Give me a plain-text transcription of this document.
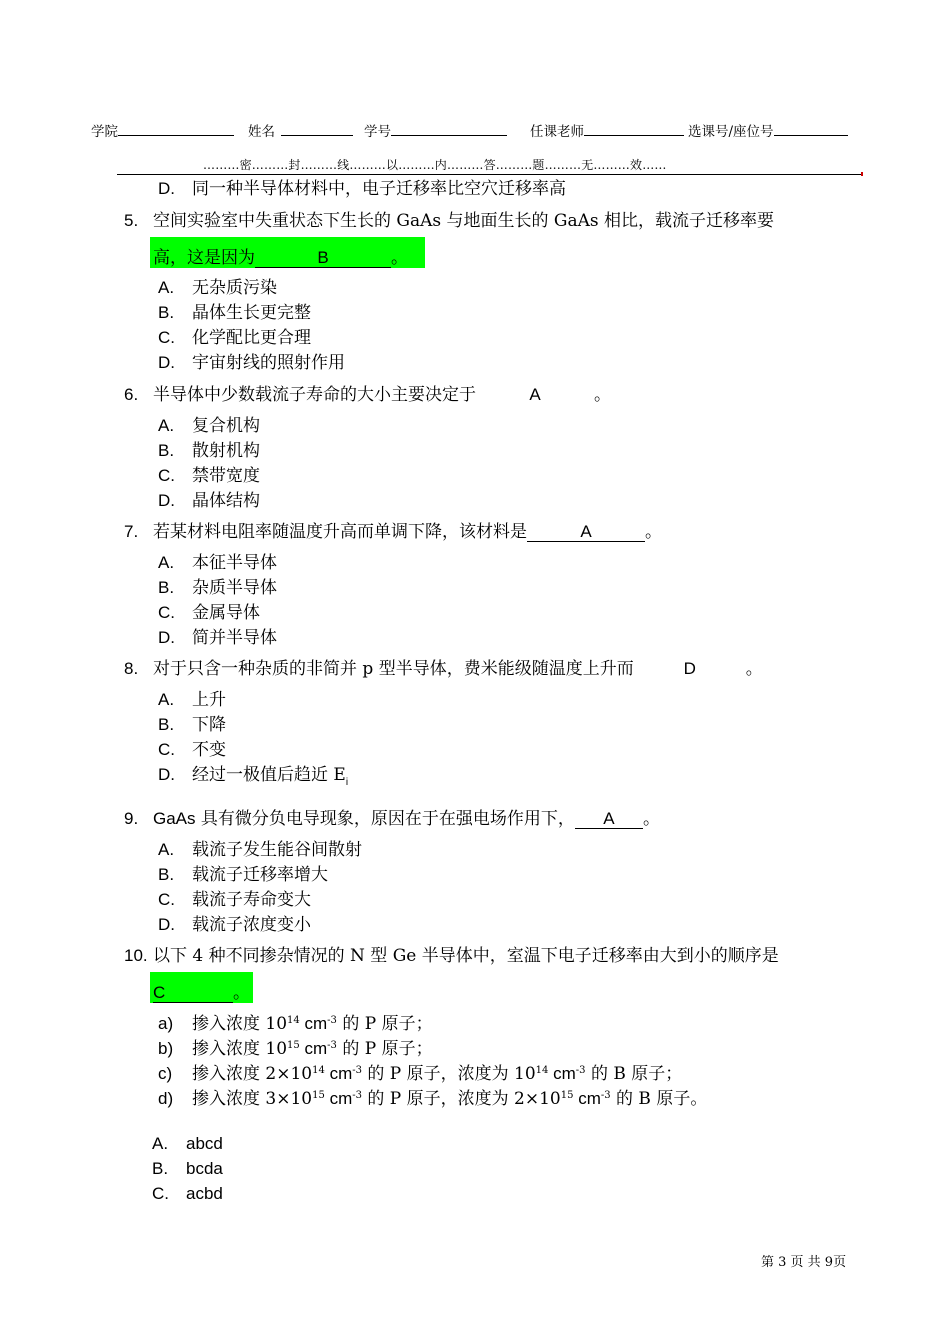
学院	姓名	学号	任课老师	选课号/座位号
………密………封………线………以………内………答………题………无………效……
D. 同一种半导体材料中，电子迁移率比空穴迁移率高
5. 空间实验室中失重状态下生长的 GaAs 与地面生长的 GaAs 相比，载流子迁移率要
高，这是因为	B	。
A. 无杂质污染
B. 晶体生长更完整
C. 化学配比更合理
D. 宇宙射线的照射作用
6. 半导体中少数载流子寿命的大小主要决定于	A	。
A. 复合机构
B. 散射机构
C. 禁带宽度
D. 晶体结构
7. 若某材料电阻率随温度升高而单调下降，该材料是	A	。
A. 本征半导体
B. 杂质半导体
C. 金属导体
D. 简并半导体
8. 对于只含一种杂质的非简并 p 型半导体，费米能级随温度上升而	D	。
A. 上升
B. 下降
C. 不变
D. 经过一极值后趋近 $E_i$
9. GaAs 具有微分负电导现象，原因在于在强电场作用下， A 。
A. 载流子发生能谷间散射
B. 载流子迁移率增大
C. 载流子寿命变大
D. 载流子浓度变小
10. 以下 4 种不同掺杂情况的 N 型 Ge 半导体中，室温下电子迁移率由大到小的顺序是
C	。
a) 掺入浓度 $10^{14}$ $cm^{-3}$ 的 P 原子；
b) 掺入浓度 $10^{15}$ $cm^{-3}$ 的 P 原子；
c) 掺入浓度 $2\times 10^{14}$ $cm^{-3}$ 的 P 原子，浓度为 $10^{14}$ $cm^{-3}$ 的 B 原子；
d) 掺入浓度 $3\times 10^{15}$ $cm^{-3}$ 的 P 原子，浓度为 $2\times 10^{15}$ $cm^{-3}$ 的 B 原子。
A. abcd
B. bcda
C. acbd
第 3 页 共 9页
